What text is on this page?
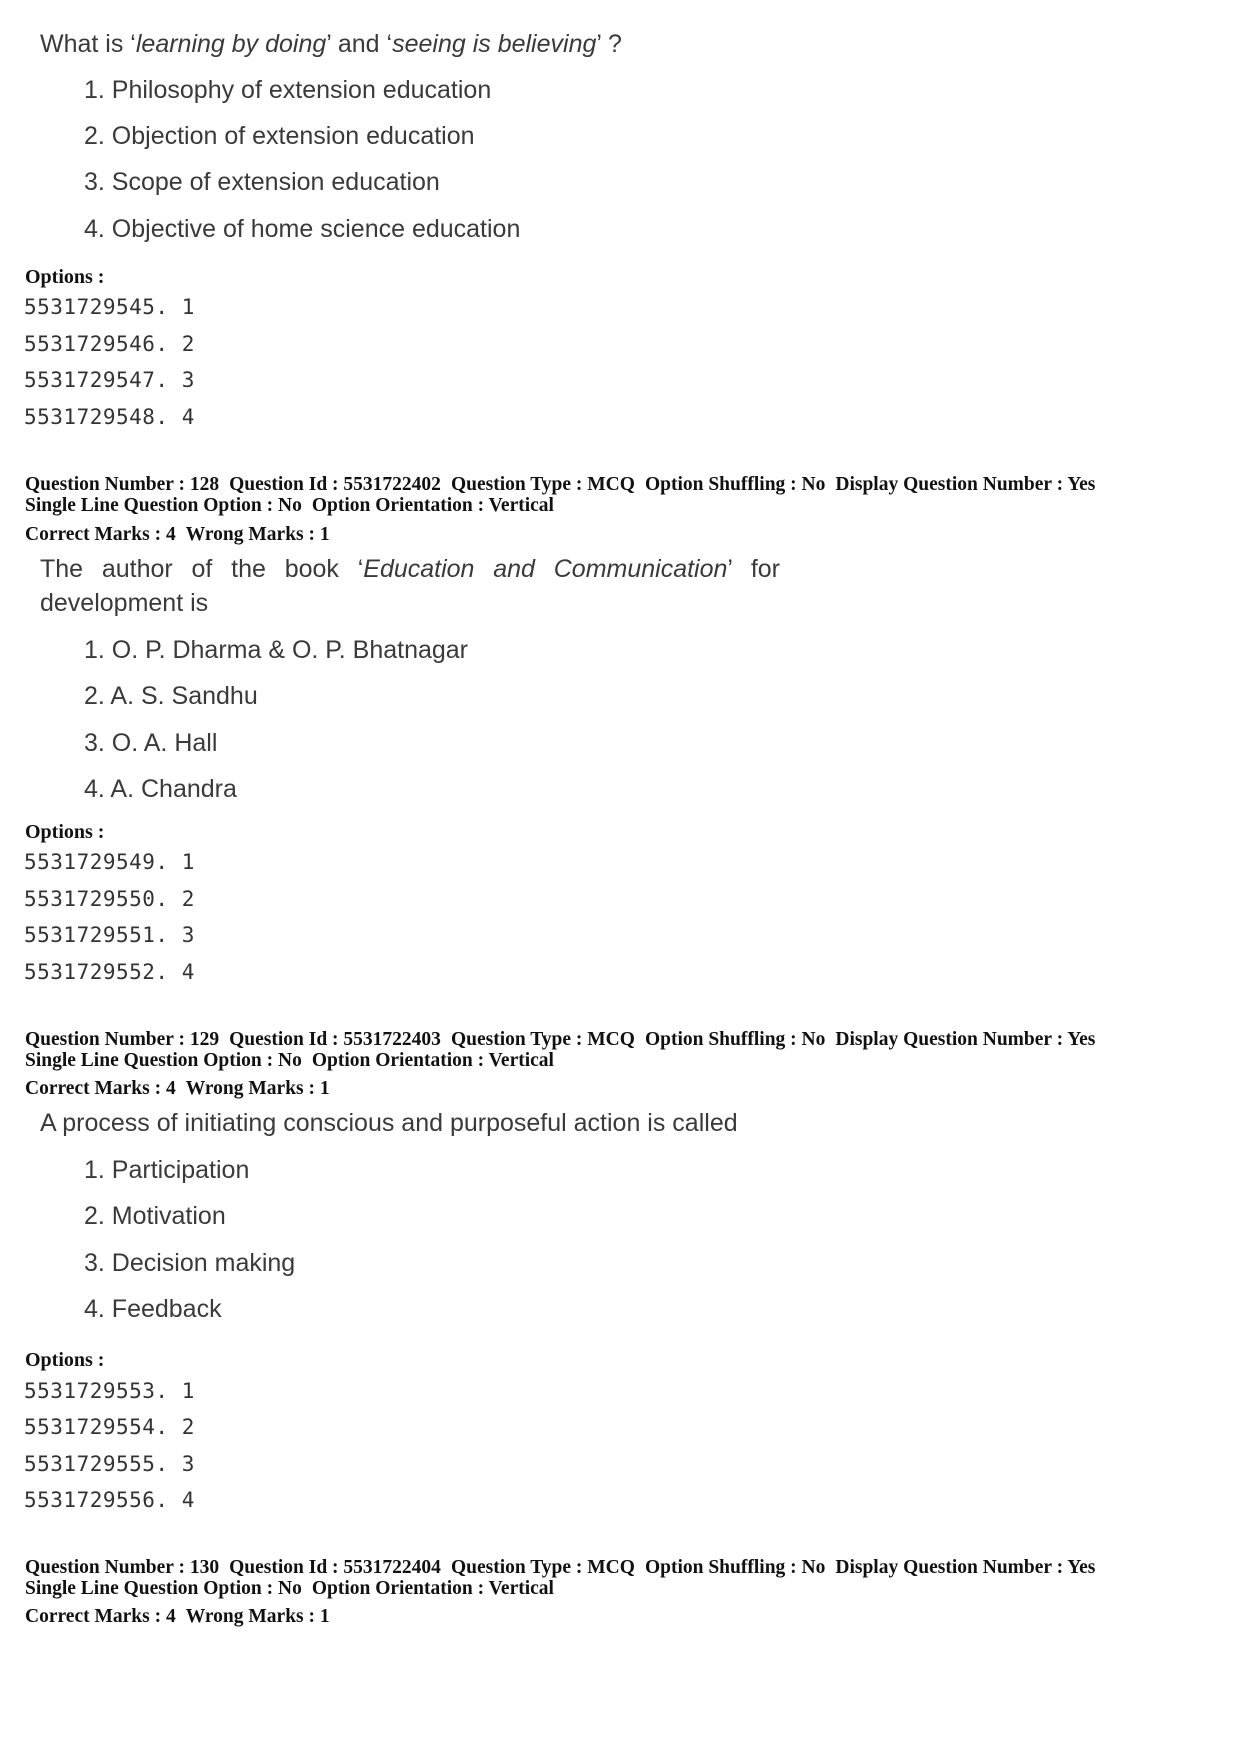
What is ‘learning by doing’ and ‘seeing is believing’ ?
1. Philosophy of extension education
2. Objection of extension education
3. Scope of extension education
4. Objective of home science education
Options :
5531729545. 1
5531729546. 2
5531729547. 3
5531729548. 4
Question Number : 128 Question Id : 5531722402 Question Type : MCQ Option Shuffling : No Display Question Number : Yes
Single Line Question Option : No Option Orientation : Vertical
Correct Marks : 4 Wrong Marks : 1
The author of the book ‘Education and Communication’ for development is
1. O. P. Dharma & O. P. Bhatnagar
2. A. S. Sandhu
3. O. A. Hall
4. A. Chandra
Options :
5531729549. 1
5531729550. 2
5531729551. 3
5531729552. 4
Question Number : 129 Question Id : 5531722403 Question Type : MCQ Option Shuffling : No Display Question Number : Yes
Single Line Question Option : No Option Orientation : Vertical
Correct Marks : 4 Wrong Marks : 1
A process of initiating conscious and purposeful action is called
1. Participation
2. Motivation
3. Decision making
4. Feedback
Options :
5531729553. 1
5531729554. 2
5531729555. 3
5531729556. 4
Question Number : 130 Question Id : 5531722404 Question Type : MCQ Option Shuffling : No Display Question Number : Yes
Single Line Question Option : No Option Orientation : Vertical
Correct Marks : 4 Wrong Marks : 1
